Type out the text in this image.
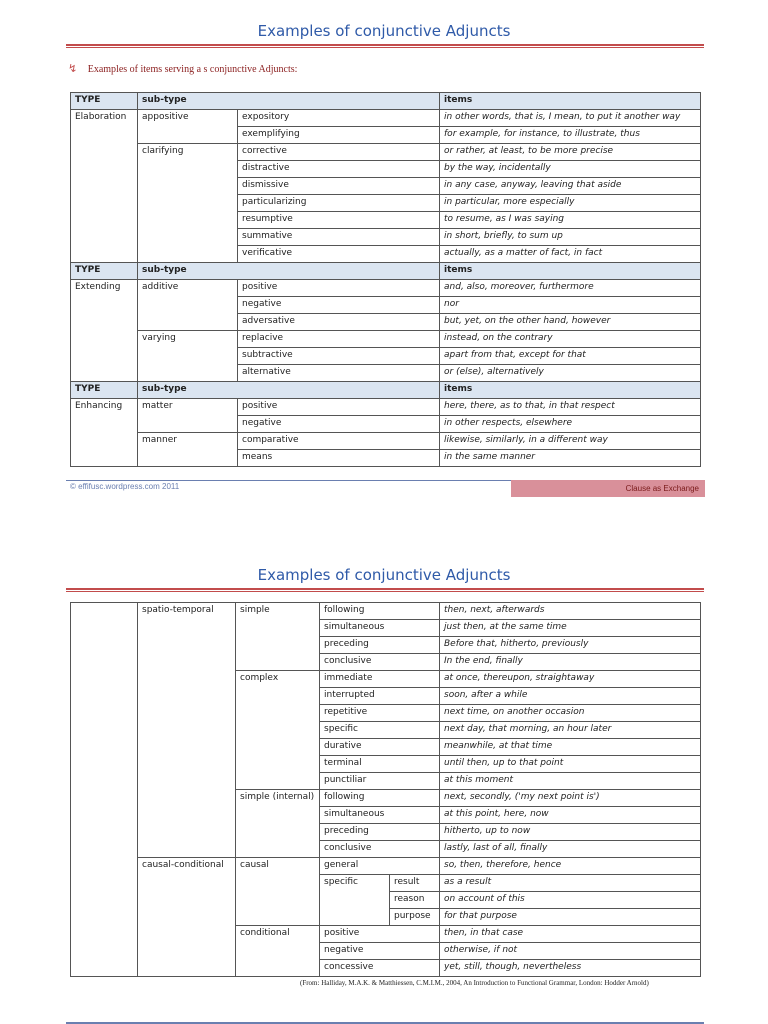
Examples of conjunctive Adjuncts
↯ Examples of items serving a s conjunctive Adjuncts:
TYPE	sub-type		items
Elaboration	appositive	expository	in other words, that is, I mean, to put it another way
		exemplifying	for example, for instance, to illustrate, thus
	clarifying	corrective	or rather, at least, to be more precise
		distractive	by the way, incidentally
		dismissive	in any case, anyway, leaving that aside
		particularizing	in particular, more especially
		resumptive	to resume, as I was saying
		summative	in short, briefly, to sum up
		verificative	actually, as a matter of fact, in fact
TYPE	sub-type		items
Extending	additive	positive	and, also, moreover, furthermore
		negative	nor
		adversative	but, yet, on the other hand, however
	varying	replacive	instead, on the contrary
		subtractive	apart from that, except for that
		alternative	or (else), alternatively
TYPE	sub-type		items
Enhancing	matter	positive	here, there, as to that, in that respect
		negative	in other respects, elsewhere
	manner	comparative	likewise, similarly, in a different way
		means	in the same manner
© effifusc.wordpress.com 2011	Clause as Exchange
Examples of conjunctive Adjuncts
	spatio-temporal	simple	following		then, next, afterwards
			simultaneous		just then, at the same time
			preceding		Before that, hitherto, previously
			conclusive		In the end, finally
		complex	immediate		at once, thereupon, straightaway
			interrupted		soon, after a while
			repetitive		next time, on another occasion
			specific		next day, that morning, an hour later
			durative		meanwhile, at that time
			terminal		until then, up to that point
			punctiliar		at this moment
		simple (internal)	following		next, secondly, ('my next point is')
			simultaneous		at this point, here, now
			preceding		hitherto, up to now
			conclusive		lastly, last of all, finally
	causal-conditional	causal	general		so, then, therefore, hence
			specific	result	as a result
				reason	on account of this
				purpose	for that purpose
		conditional	positive		then, in that case
			negative		otherwise, if not
			concessive		yet, still, though, nevertheless
(From: Halliday, M.A.K. & Matthiessen, C.M.I.M., 2004, An Introduction to Functional Grammar, London: Hodder Arnold)
